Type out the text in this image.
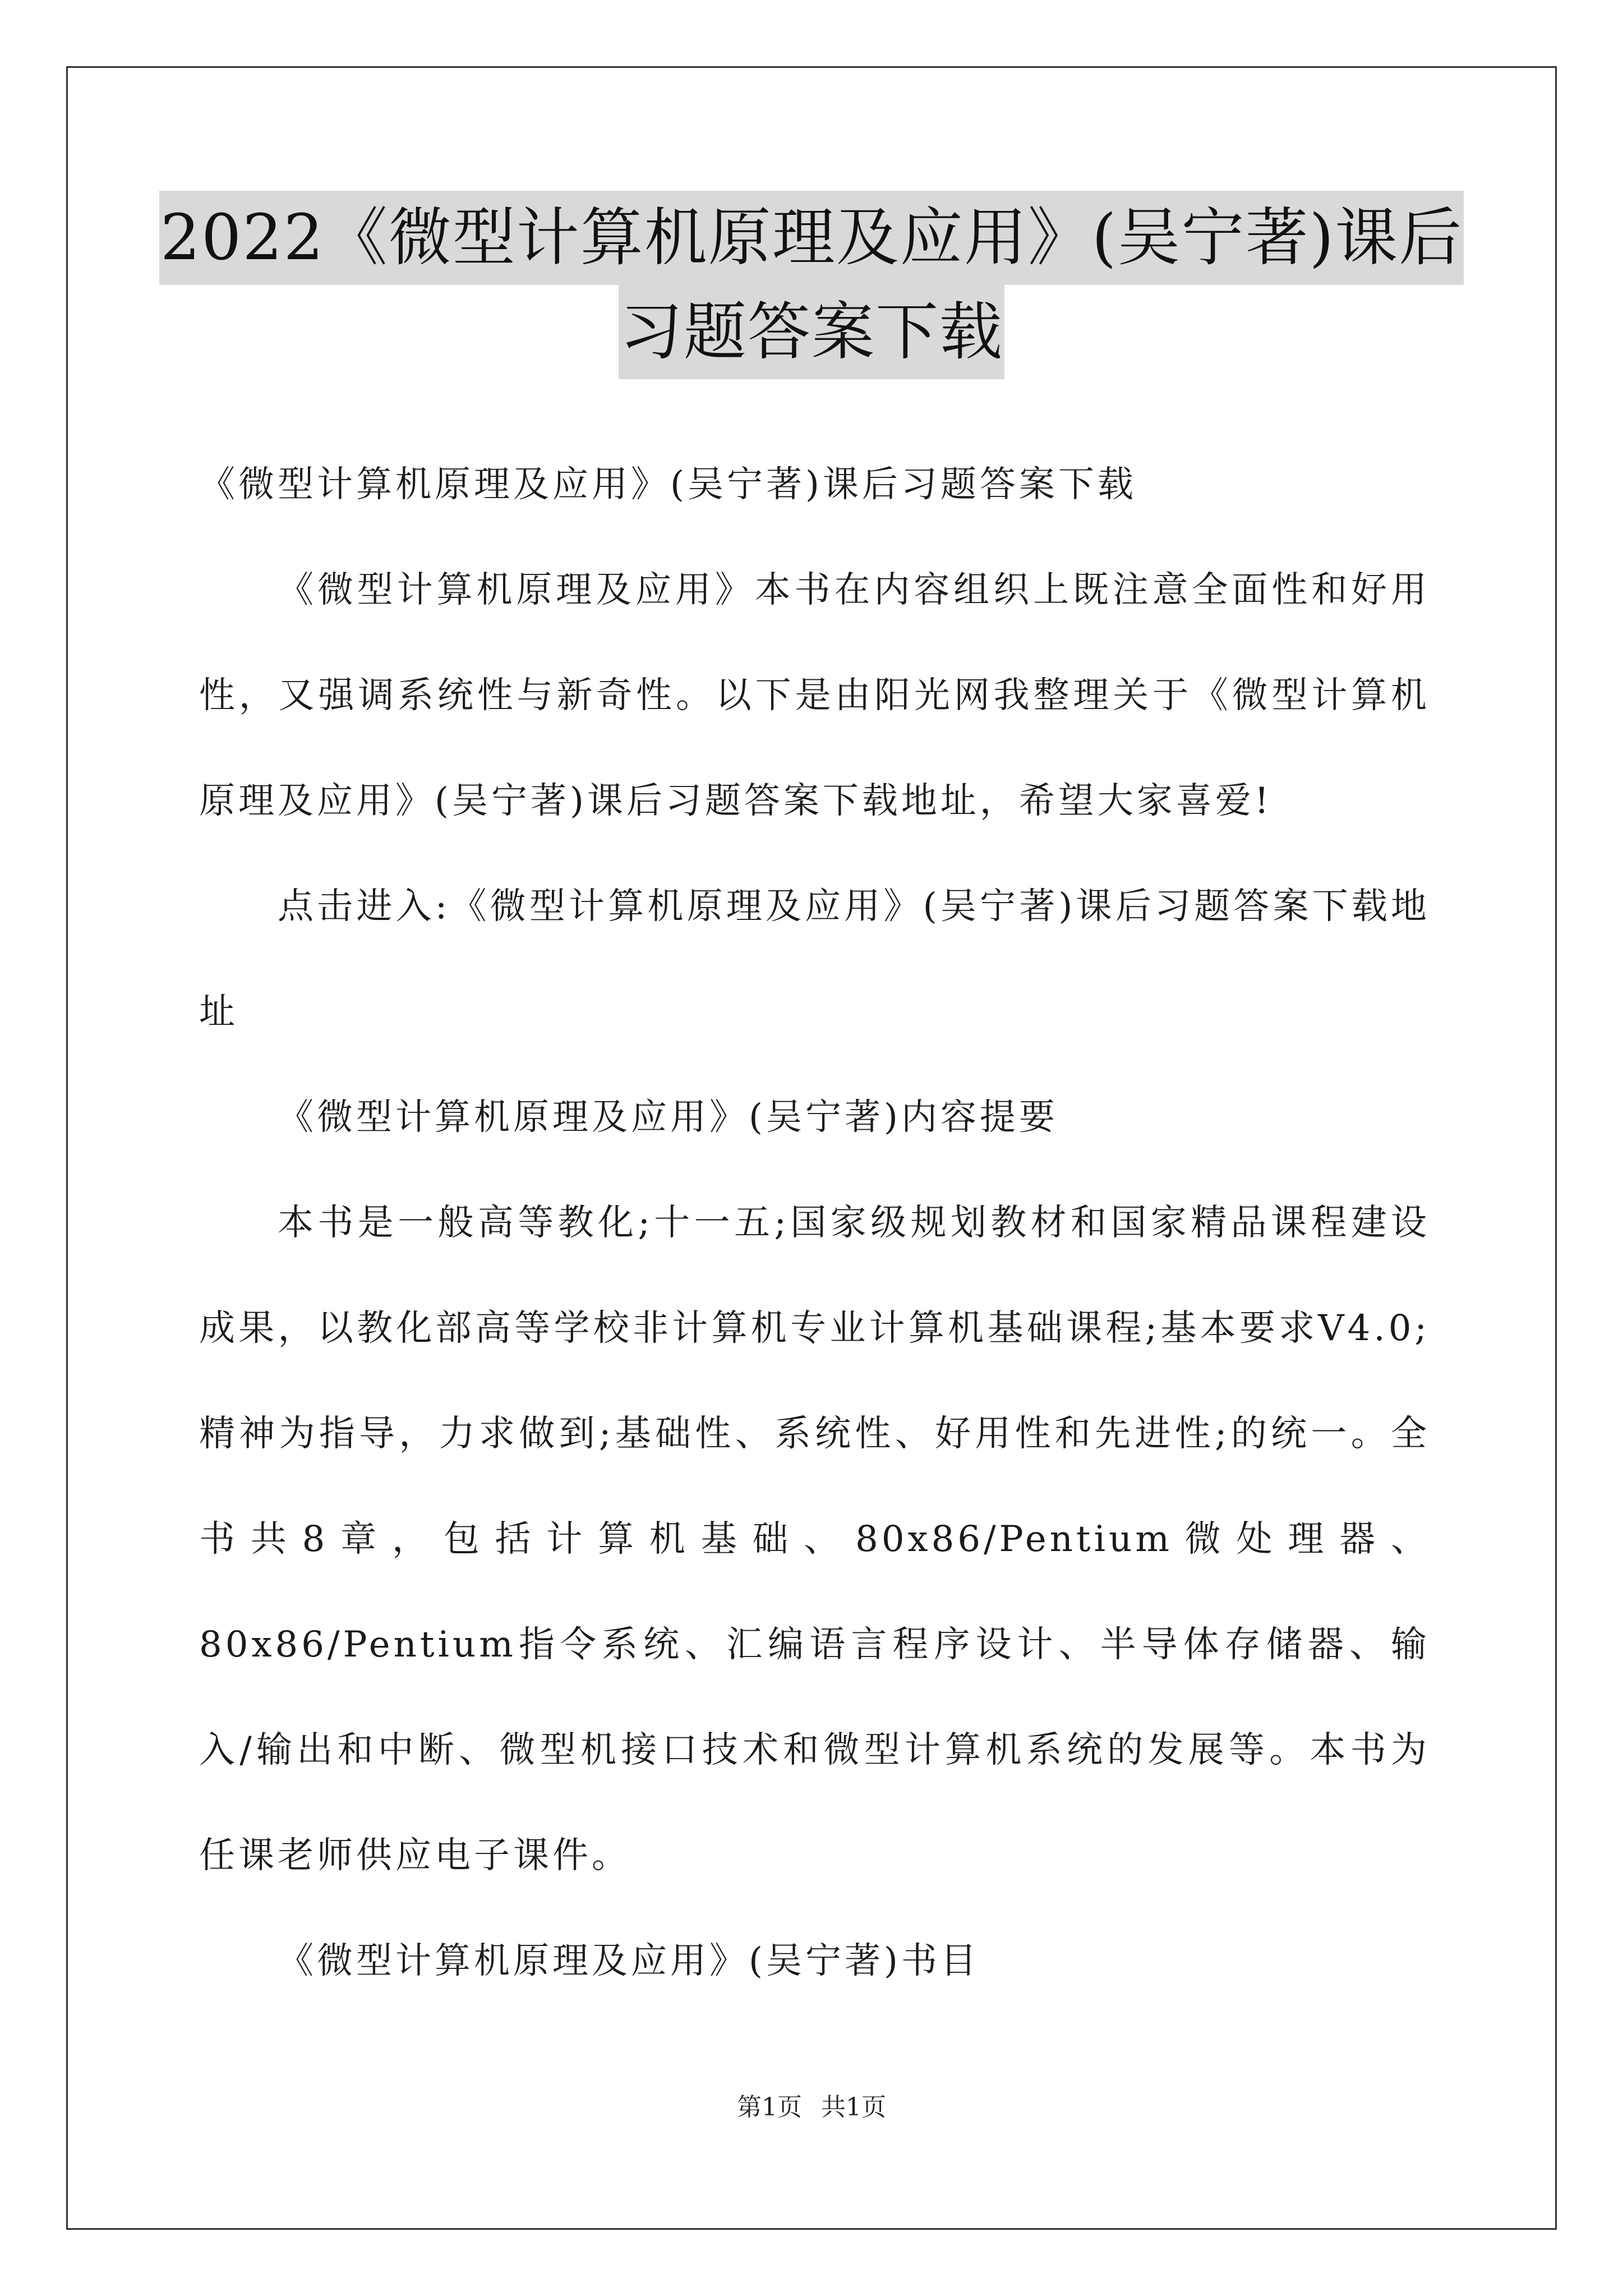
2022《微型计算机原理及应用》(吴宁著)课后
习题答案下载

《微型计算机原理及应用》(吴宁著)课后习题答案下载

《微型计算机原理及应用》本书在内容组织上既注意全面性和好用性，又强调系统性与新奇性。以下是由阳光网我整理关于《微型计算机原理及应用》(吴宁著)课后习题答案下载地址，希望大家喜爱!

点击进入:《微型计算机原理及应用》(吴宁著)课后习题答案下载地址

《微型计算机原理及应用》(吴宁著)内容提要

本书是一般高等教化;十一五;国家级规划教材和国家精品课程建设成果，以教化部高等学校非计算机专业计算机基础课程;基本要求V4.0;精神为指导，力求做到;基础性、系统性、好用性和先进性;的统一。全书共8章，包括计算机基础、80x86/Pentium微处理器、80x86/Pentium指令系统、汇编语言程序设计、半导体存储器、输入/输出和中断、微型机接口技术和微型计算机系统的发展等。本书为任课老师供应电子课件。

《微型计算机原理及应用》(吴宁著)书目

第1页 共1页
